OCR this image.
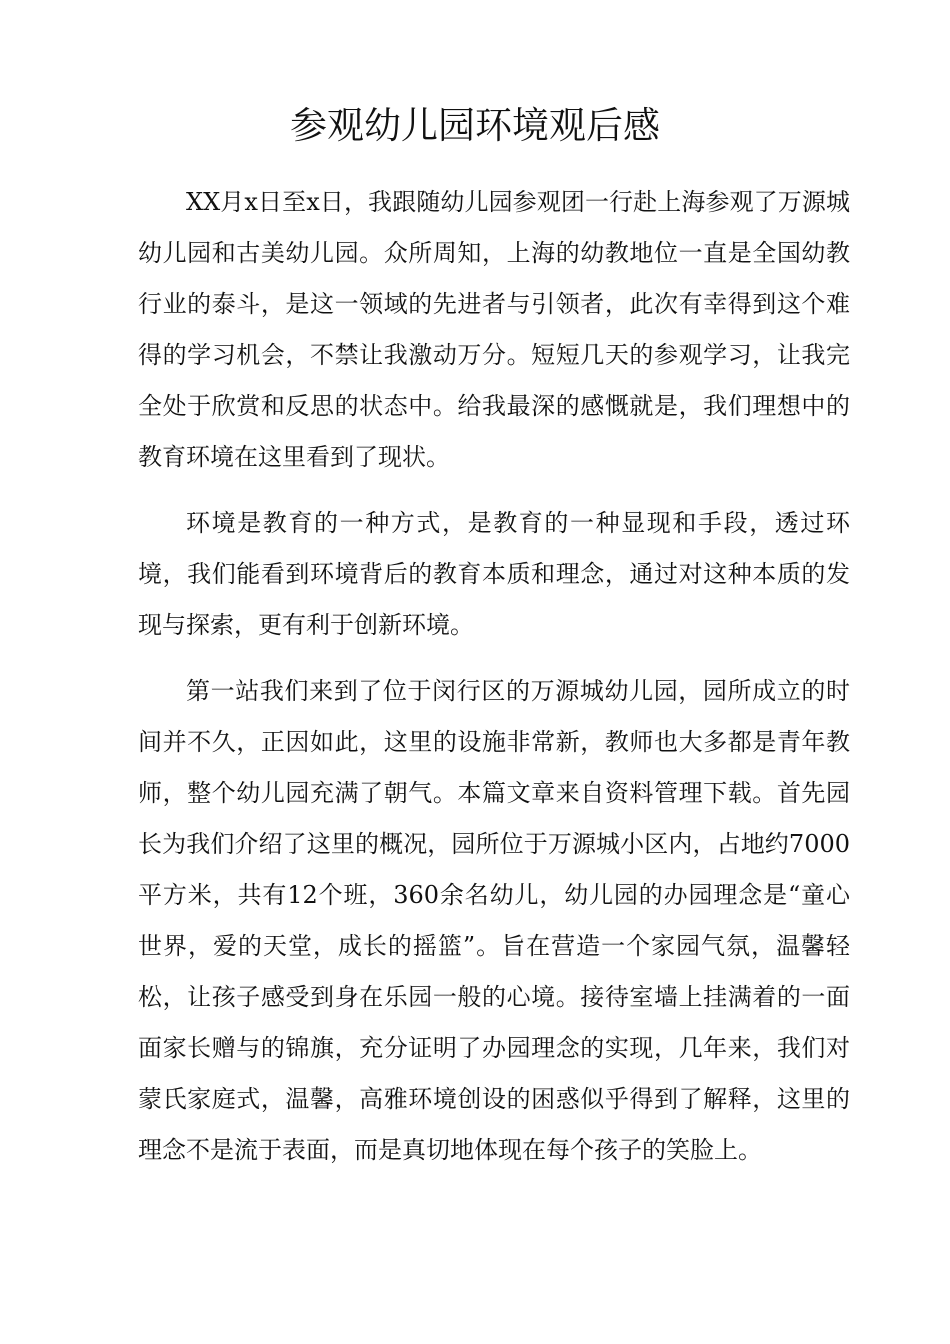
参观幼儿园环境观后感

XX月x日至x日，我跟随幼儿园参观团一行赴上海参观了万源城幼儿园和古美幼儿园。众所周知，上海的幼教地位一直是全国幼教行业的泰斗，是这一领域的先进者与引领者，此次有幸得到这个难得的学习机会，不禁让我激动万分。短短几天的参观学习，让我完全处于欣赏和反思的状态中。给我最深的感慨就是，我们理想中的教育环境在这里看到了现状。

环境是教育的一种方式，是教育的一种显现和手段，透过环境，我们能看到环境背后的教育本质和理念，通过对这种本质的发现与探索，更有利于创新环境。

第一站我们来到了位于闵行区的万源城幼儿园，园所成立的时间并不久，正因如此，这里的设施非常新，教师也大多都是青年教师，整个幼儿园充满了朝气。本篇文章来自资料管理下载。首先园长为我们介绍了这里的概况，园所位于万源城小区内，占地约7000平方米，共有12个班，360余名幼儿，幼儿园的办园理念是“童心世界，爱的天堂，成长的摇篮”。旨在营造一个家园气氛，温馨轻松，让孩子感受到身在乐园一般的心境。接待室墙上挂满着的一面面家长赠与的锦旗，充分证明了办园理念的实现，几年来，我们对蒙氏家庭式，温馨，高雅环境创设的困惑似乎得到了解释，这里的理念不是流于表面，而是真切地体现在每个孩子的笑脸上。
